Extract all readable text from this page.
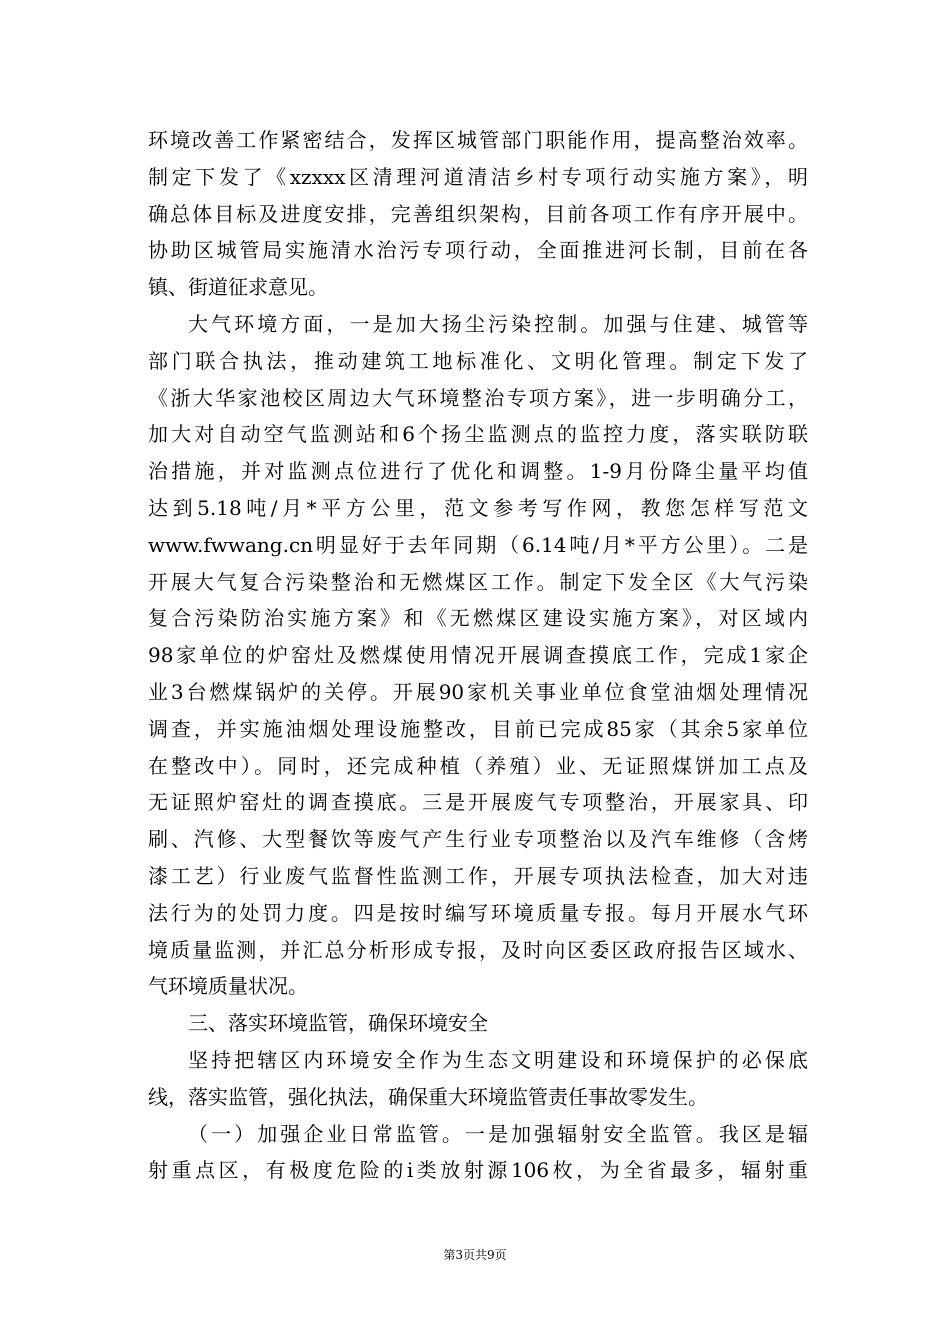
环境改善工作紧密结合，发挥区城管部门职能作用，提高整治效率。
制定下发了《xzxxx区清理河道清洁乡村专项行动实施方案》，明
确总体目标及进度安排，完善组织架构，目前各项工作有序开展中。
协助区城管局实施清水治污专项行动，全面推进河长制，目前在各
镇、街道征求意见。
大气环境方面，一是加大扬尘污染控制。加强与住建、城管等
部门联合执法，推动建筑工地标准化、文明化管理。制定下发了
《浙大华家池校区周边大气环境整治专项方案》，进一步明确分工，
加大对自动空气监测站和6个扬尘监测点的监控力度，落实联防联
治措施，并对监测点位进行了优化和调整。1-9月份降尘量平均值
达到5.18吨/月*平方公里，范文参考写作网，教您怎样写范文
www.fwwang.cn明显好于去年同期（6.14吨/月*平方公里）。二是
开展大气复合污染整治和无燃煤区工作。制定下发全区《大气污染
复合污染防治实施方案》和《无燃煤区建设实施方案》，对区域内
98家单位的炉窑灶及燃煤使用情况开展调查摸底工作，完成1家企
业3台燃煤锅炉的关停。开展90家机关事业单位食堂油烟处理情况
调查，并实施油烟处理设施整改，目前已完成85家（其余5家单位
在整改中）。同时，还完成种植（养殖）业、无证照煤饼加工点及
无证照炉窑灶的调查摸底。三是开展废气专项整治，开展家具、印
刷、汽修、大型餐饮等废气产生行业专项整治以及汽车维修（含烤
漆工艺）行业废气监督性监测工作，开展专项执法检查，加大对违
法行为的处罚力度。四是按时编写环境质量专报。每月开展水气环
境质量监测，并汇总分析形成专报，及时向区委区政府报告区域水、
气环境质量状况。
三、落实环境监管，确保环境安全
坚持把辖区内环境安全作为生态文明建设和环境保护的必保底
线，落实监管，强化执法，确保重大环境监管责任事故零发生。
（一）加强企业日常监管。一是加强辐射安全监管。我区是辐
射重点区，有极度危险的i类放射源106枚，为全省最多，辐射重
第3页共9页
